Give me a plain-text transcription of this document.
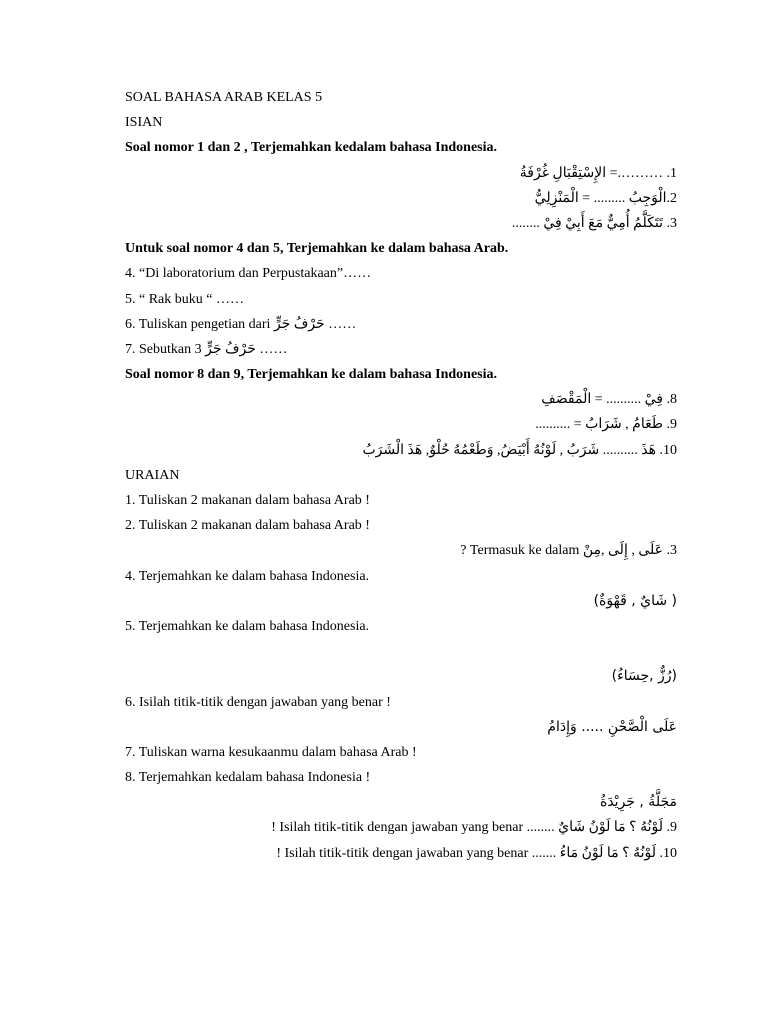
SOAL BAHASA ARAB KELAS 5
ISIAN
Soal nomor 1 dan 2 , Terjemahkan kedalam bahasa Indonesia.
1. ……….= الإِسْتِقْبَالِ غُرْفَةُ
2.الْوَجِبُ ......... = الْمَنْزِلِيُّ
3. تَتَكَلَّمُ أُمِيٌّ مَعَ أَبِيْ فِيْ ........
Untuk soal nomor 4 dan 5, Terjemahkan ke dalam bahasa Arab.
4. “Di laboratorium dan Perpustakaan”……
5. “ Rak buku “ ……
6. Tuliskan pengetian dari حَرْفُ جَرٍّ ……
7. Sebutkan 3 حَرْفُ جَرٍّ ……
Soal nomor 8 dan 9, Terjemahkan ke dalam bahasa Indonesia.
8. فِيْ .......... = الْمَقْصَفِ
9. طَعَامُ , شَرَابُ = ..........
10. هَذَ .......... شَرَبُ , لَوْنُهُ أَبْيَضُ, وَطَعْمُهُ حُلْوٌ, هَذَ الْشَرَبُ
URAIAN
1. Tuliskan 2 makanan dalam bahasa Arab !
2. Tuliskan 2 makanan dalam bahasa Arab !
3. عَلَى , إِلَى ,مِنْ Termasuk ke dalam ?
4. Terjemahkan ke dalam bahasa Indonesia.
( شَايٌ , قَهْوَةٌ)
5. Terjemahkan ke dalam bahasa Indonesia.
(رُزٌّ ,حِسَاءُ)
6. Isilah titik-titik dengan jawaban yang benar !
عَلَى الْصَّحْنِ ..... وَإِدَامُ
7. Tuliskan warna kesukaanmu dalam bahasa Arab !
8. Terjemahkan kedalam bahasa Indonesia !
مَجَلَّةُ , جَرِيْدَةُ
9. لَوْنُهُ ؟ مَا لَوْنُ شَايٌ ........ Isilah titik-titik dengan jawaban yang benar !
10. لَوْنُهُ ؟ مَا لَوْنُ مَاءُ ....... Isilah titik-titik dengan jawaban yang benar !
